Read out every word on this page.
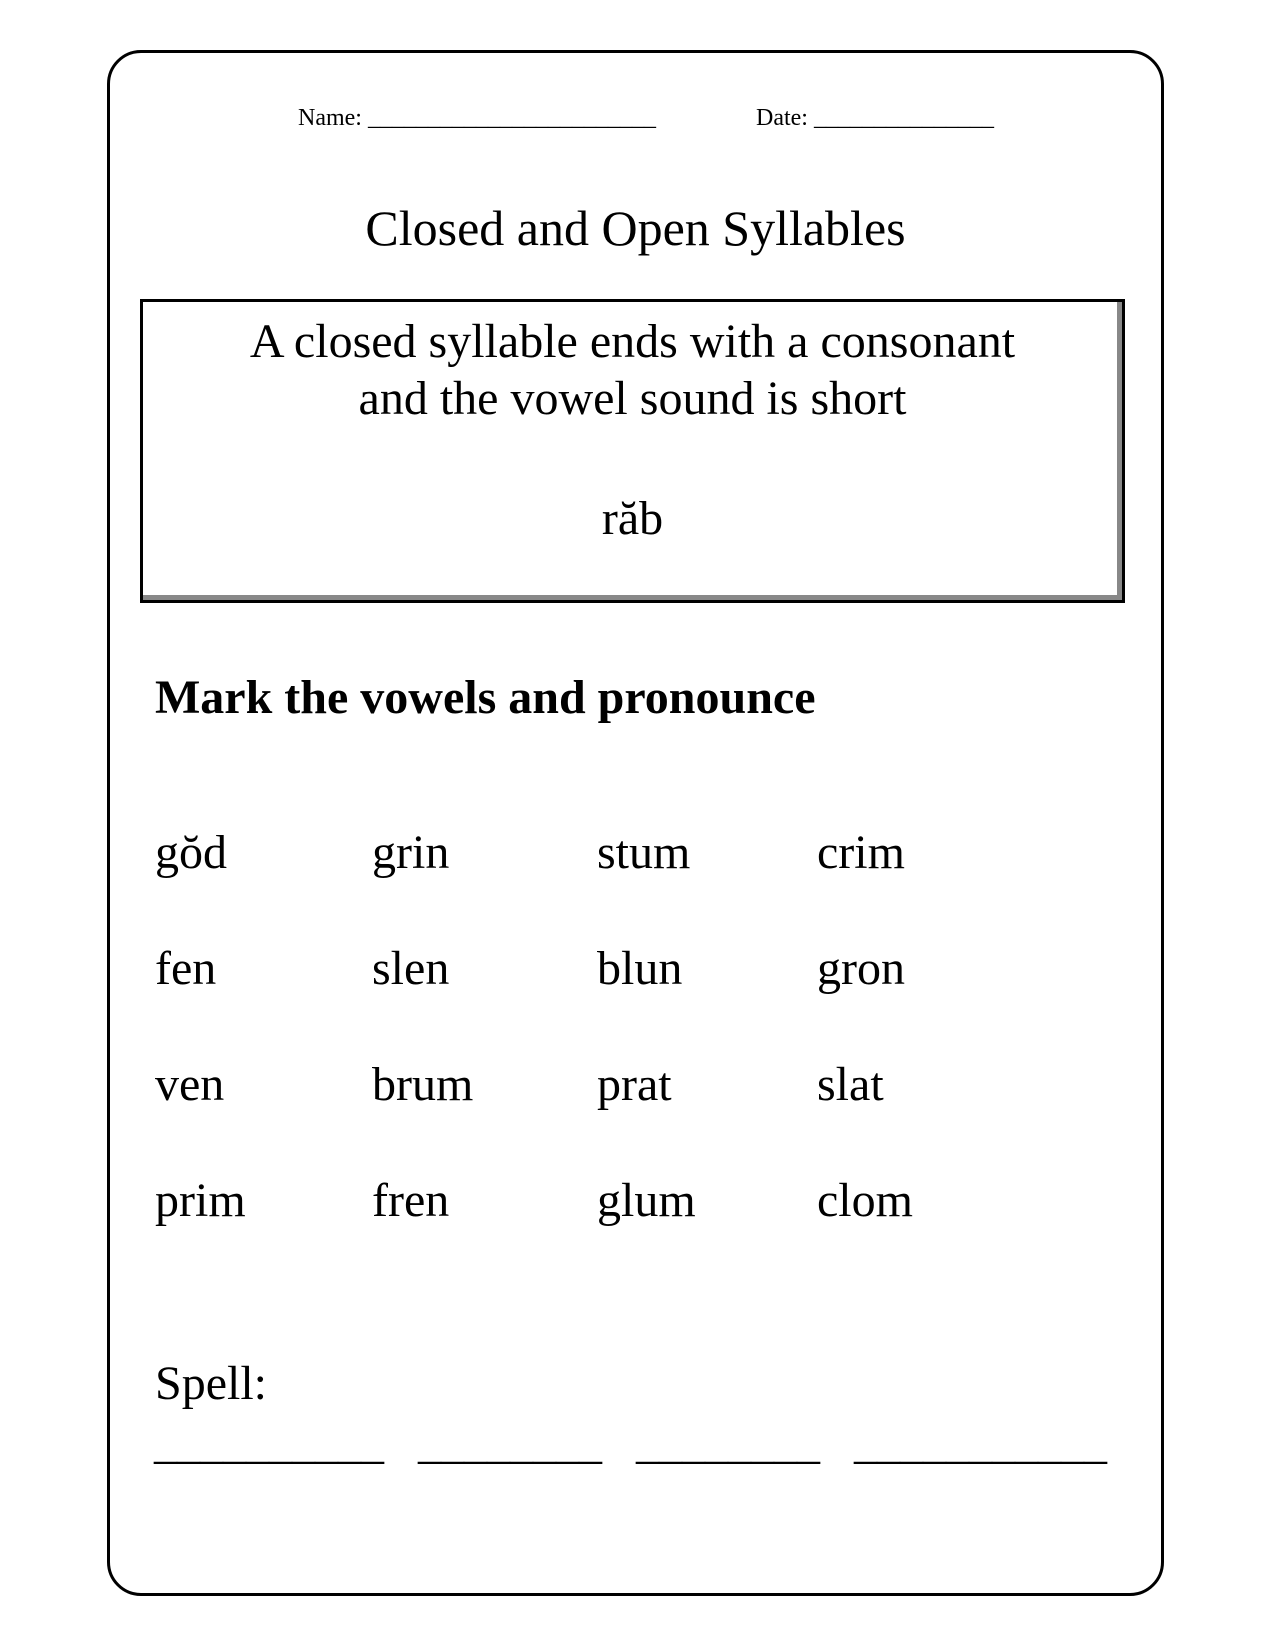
Name: ________________________	Date: _______________
Closed and Open Syllables
A closed syllable ends with a consonant
and the vowel sound is short
răb
Mark the vowels and pronounce
gŏd	grin	stum	crim
fen	slen	blun	gron
ven	brum	prat	slat
prim	fren	glum	clom
Spell:
__________ ________ ________ ___________
